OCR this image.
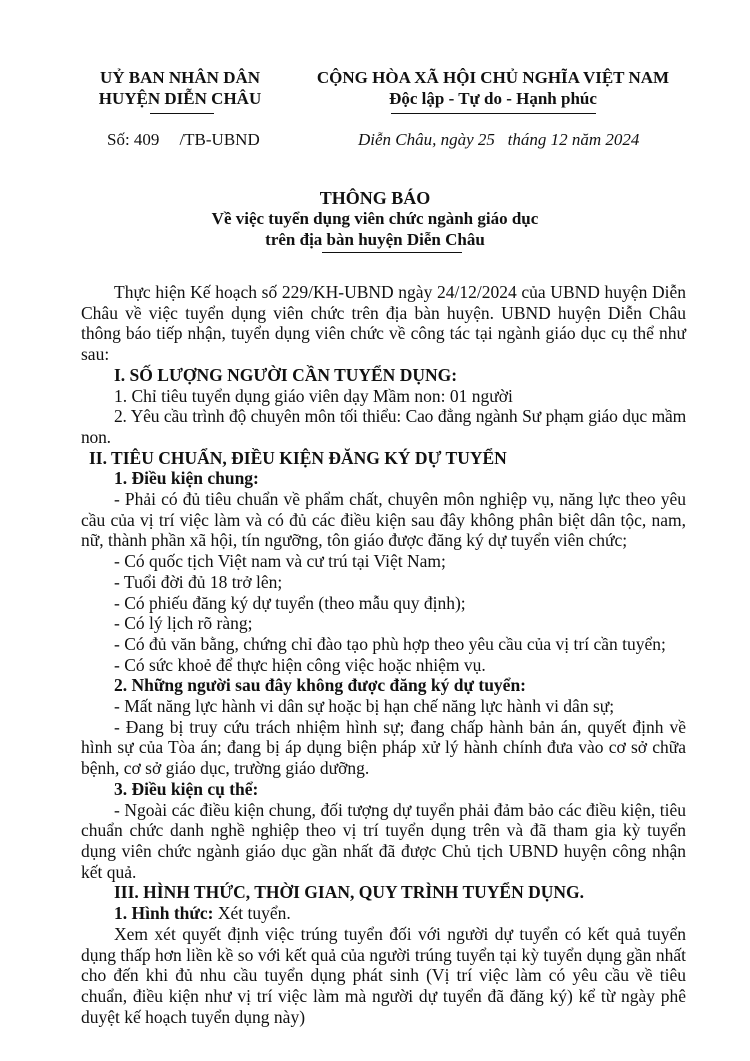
UỶ BAN NHÂN DÂN
HUYỆN DIỄN CHÂU
CỘNG HÒA XÃ HỘI CHỦ NGHĨA VIỆT NAM
Độc lập - Tự do - Hạnh phúc
Số: 409 /TB-UBND	Diễn Châu, ngày 25   tháng 12 năm 2024
THÔNG BÁO
Về việc tuyển dụng viên chức ngành giáo dục
trên địa bàn huyện Diễn Châu

Thực hiện Kế hoạch số 229/KH-UBND ngày 24/12/2024 của UBND huyện Diễn Châu về việc tuyển dụng viên chức trên địa bàn huyện. UBND huyện Diễn Châu thông báo tiếp nhận, tuyển dụng viên chức về công tác tại ngành giáo dục cụ thể như sau:

I. SỐ LƯỢNG NGƯỜI CẦN TUYỂN DỤNG:

1. Chỉ tiêu tuyển dụng giáo viên dạy Mầm non: 01 người

2. Yêu cầu trình độ chuyên môn tối thiểu: Cao đẳng ngành Sư phạm giáo dục mầm non.

II. TIÊU CHUẨN, ĐIỀU KIỆN ĐĂNG KÝ DỰ TUYỂN

1. Điều kiện chung:

- Phải có đủ tiêu chuẩn về phẩm chất, chuyên môn nghiệp vụ, năng lực theo yêu cầu của vị trí việc làm và có đủ các điều kiện sau đây không phân biệt dân tộc, nam, nữ, thành phần xã hội, tín ngưỡng, tôn giáo được đăng ký dự tuyển viên chức;

- Có quốc tịch Việt nam và cư trú tại Việt Nam;

- Tuổi đời đủ 18 trở lên;

- Có phiếu đăng ký dự tuyển (theo mẫu quy định);

- Có lý lịch rõ ràng;

- Có đủ văn bằng, chứng chỉ đào tạo phù hợp theo yêu cầu của vị trí cần tuyển;

- Có sức khoẻ để thực hiện công việc hoặc nhiệm vụ.

2. Những người sau đây không được đăng ký dự tuyển:

- Mất năng lực hành vi dân sự hoặc bị hạn chế năng lực hành vi dân sự;

- Đang bị truy cứu trách nhiệm hình sự; đang chấp hành bản án, quyết định về hình sự của Tòa án; đang bị áp dụng biện pháp xử lý hành chính đưa vào cơ sở chữa bệnh, cơ sở giáo dục, trường giáo dưỡng.

3. Điều kiện cụ thể:

- Ngoài các điều kiện chung, đối tượng dự tuyển phải đảm bảo các điều kiện, tiêu chuẩn chức danh nghề nghiệp theo vị trí tuyển dụng trên và đã tham gia kỳ tuyển dụng viên chức ngành giáo dục gần nhất đã được Chủ tịch UBND huyện công nhận kết quả.

III. HÌNH THỨC, THỜI GIAN, QUY TRÌNH TUYỂN DỤNG.

1. Hình thức: Xét tuyển.

Xem xét quyết định việc trúng tuyển đối với người dự tuyển có kết quả tuyển dụng thấp hơn liền kề so với kết quả của người trúng tuyển tại kỳ tuyển dụng gần nhất cho đến khi đủ nhu cầu tuyển dụng phát sinh (Vị trí việc làm có yêu cầu về tiêu chuẩn, điều kiện như vị trí việc làm mà người dự tuyển đã đăng ký) kể từ ngày phê duyệt kế hoạch tuyển dụng này)
